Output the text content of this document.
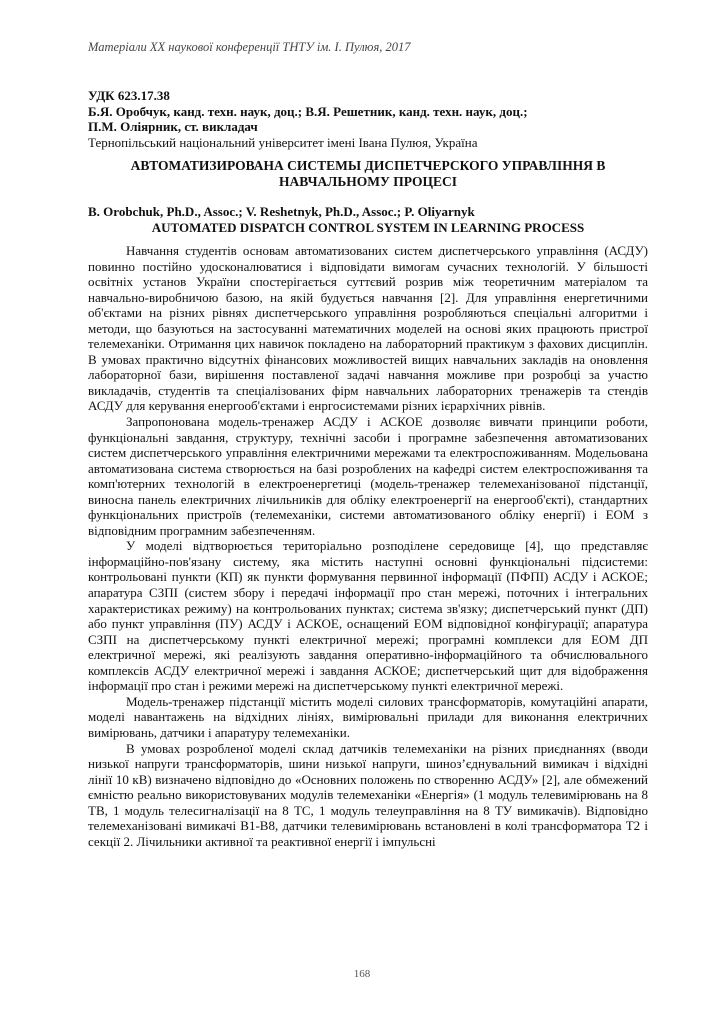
Матеріали ХХ наукової конференції ТНТУ ім. І. Пулюя, 2017
УДК 623.17.38
Б.Я. Оробчук, канд. техн. наук, доц.; В.Я. Решетник, канд. техн. наук, доц.;
П.М. Оліярник, ст. викладач
Тернопільський національний університет імені Івана Пулюя, Україна
АВТОМАТИЗИРОВАНА СИСТЕМЫ ДИСПЕТЧЕРСКОГО УПРАВЛІННЯ В НАВЧАЛЬНОМУ ПРОЦЕСІ
B. Orobchuk, Ph.D., Assoc.; V. Reshetnyk, Ph.D., Assoc.; P. Oliyarnyk
AUTOMATED DISPATCH CONTROL SYSTEM IN LEARNING PROCESS

Навчання студентів основам автоматизованих систем диспетчерського управління (АСДУ) повинно постійно удосконалюватися і відповідати вимогам сучасних технологій. У більшості освітніх установ України спостерігається суттєвий розрив між теоретичним матеріалом та навчально-виробничою базою, на якій будується навчання [2]. Для управління енергетичними об'єктами на різних рівнях диспетчерського управління розробляються спеціальні алгоритми і методи, що базуються на застосуванні математичних моделей на основі яких працюють пристрої телемеханіки. Отримання цих навичок покладено на лабораторний практикум з фахових дисциплін. В умовах практично відсутніх фінансових можливостей вищих навчальних закладів на оновлення лабораторної бази, вирішення поставленої задачі навчання можливе при розробці за участю викладачів, студентів та спеціалізованих фірм навчальних лабораторних тренажерів та стендів АСДУ для керування енергооб'єктами і енргосистемами різних ієрархічних рівнів.

Запропонована модель-тренажер АСДУ і АСКОЕ дозволяє вивчати принципи роботи, функціональні завдання, структуру, технічні засоби і програмне забезпечення автоматизованих систем диспетчерського управління електричними мережами та електроспоживанням. Модельована автоматизована система створюється на базі розроблених на кафедрі систем електроспоживання та комп'ютерних технологій в електроенергетиці (модель-тренажер телемеханізованої підстанції, виносна панель електричних лічильників для обліку електроенергії на енергооб'єкті), стандартних функціональних пристроїв (телемеханіки, системи автоматизованого обліку енергії) і ЕОМ з відповідним програмним забезпеченням.

У моделі відтворюється територіально розподілене середовище [4], що представляє інформаційно-пов'язану систему, яка містить наступні основні функціональні підсистеми: контрольовані пункти (КП) як пункти формування первинної інформації (ПФПІ) АСДУ і АСКОЕ; апаратура СЗПІ (систем збору і передачі інформації про стан мережі, поточних і інтегральних характеристиках режиму) на контрольованих пунктах; система зв'язку; диспетчерський пункт (ДП) або пункт управління (ПУ) АСДУ і АСКОЕ, оснащений ЕОМ відповідної конфігурації; апаратура СЗПІ на диспетчерському пункті електричної мережі; програмні комплекси для ЕОМ ДП електричної мережі, які реалізують завдання оперативно-інформаційного та обчислювального комплексів АСДУ електричної мережі і завдання АСКОЕ; диспетчерський щит для відображення інформації про стан і режими мережі на диспетчерському пункті електричної мережі.

Модель-тренажер підстанції містить моделі силових трансформаторів, комутаційні апарати, моделі навантажень на відхідних лініях, вимірювальні прилади для виконання електричних вимірювань, датчики і апаратуру телемеханіки.

В умовах розробленої моделі склад датчиків телемеханіки на різних приєднаннях (вводи низької напруги трансформаторів, шини низької напруги, шиноз’єднувальний вимикач і відхідні лінії 10 кВ) визначено відповідно до «Основних положень по створенню АСДУ» [2], але обмежений ємністю реально використовуваних модулів телемеханіки «Енергія» (1 модуль телевимірювань на 8 ТВ, 1 модуль телесигналізації на 8 ТС, 1 модуль телеуправління на 8 ТУ вимикачів). Відповідно телемеханізовані вимикачі В1-В8, датчики телевимірювань встановлені в колі трансформатора Т2 і секції 2. Лічильники активної та реактивної енергії і імпульсні

168
